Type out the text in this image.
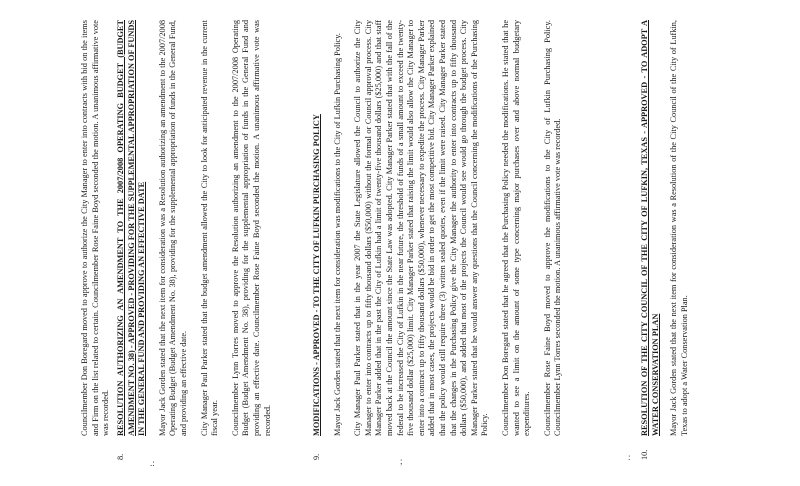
Councilmember Don Boregard moved to approve to authorize the City Manager to enter into contracts with bid on the items and Firm on the list related to certain. Councilmember Rose Faine Boyd seconded the motion. A unanimous affirmative vote was recorded.

8.
RESOLUTION AUTHORIZING AN AMENDMENT TO THE 2007/2008 OPERATING BUDGET (BUDGET AMENDMENT NO. 38) - APPROVED - PROVIDING FOR THE SUPPLEMENTAL APPROPRIATION OF FUNDS IN THE GENERAL FUND AND PROVIDING AN EFFECTIVE DATE Mayor Jack Gorden stated that the next item for consideration was a Resolution authorizing an amendment to the 2007/2008 Operating Budget (Budget Amendment No. 38), providing for the supplemental appropriation of funds in the General Fund, and providing an effective date. City Manager Paul Parker stated that the budget amendment allowed the City to look for anticipated revenue in the current fiscal year. Councilmember Lynn Torres moved to approve the Resolution authorizing an amendment to the 2007/2008 Operating Budget (Budget Amendment No. 38), providing for the supplemental appropriation of funds in the General Fund and providing an effective date. Councilmember Rose Faine Boyd seconded the motion. A unanimous affirmative vote was recorded.

9.
MODIFICATIONS - APPROVED - TO THE CITY OF LUFKIN PURCHASING POLICY Mayor Jack Gorden stated that the next item for consideration was modifications to the City of Lufkin Purchasing Policy. City Manager Paul Parker stated that in the year 2007 the State Legislature allowed the Council to authorize the City Manager to enter into contracts up to fifty thousand dollars ($50,000) without the formal or Council approval process. City Manager Parker added that in the past the City of Lufkin had a limit of twenty-five thousand dollars ($25,000) and that staff moved back at the Council the amount since the State Law was adopted. City Manager Parker stated that with the fall of the federal to be increased the City of Lufkin in the near future, the threshold of funds of a small amount to exceed the twenty-five thousand dollar ($25,000) limit. City Manager Parker stated that raising the limit would also allow the City Manager to enter into a contract up to fifty thousand dollars ($50,000), whenever necessary to expedite the process. City Manager Parker added that in most cases, the projects would be bid in order to get the most competitive bid. City Manager Parker explained that the policy would still require three (3) written sealed quotes, even if the limit were raised. City Manager Parker stated that the changes in the Purchasing Policy give the City Manager the authority to enter into contracts up to fifty thousand dollars ($50,000), and added that most of the projects the Council would see would go through the budget process. City Manager Parker stated that he would answer any questions that the Council concerning the modifications of the Purchasing Policy. Councilmember Don Boregard stated that he agreed that the Purchasing Policy needed the modifications. He stated that he wanted to see a limit on the amount of some type concerning major purchases over and above normal budgetary expenditures. Councilmember Rose Faine Boyd moved to approve the modifications to the City of Lufkin Purchasing Policy. Councilmember Lynn Torres seconded the motion. A unanimous affirmative vote was recorded.

10.
RESOLUTION OF THE CITY COUNCIL OF THE CITY OF LUFKIN, TEXAS - APPROVED - TO ADOPT A WATER CONSERVATION PLAN Mayor Jack Gorden stated that the next item for consideration was a Resolution of the City Council of the City of Lufkin, Texas to adopt a Water Conservation Plan.

.:	;	:
